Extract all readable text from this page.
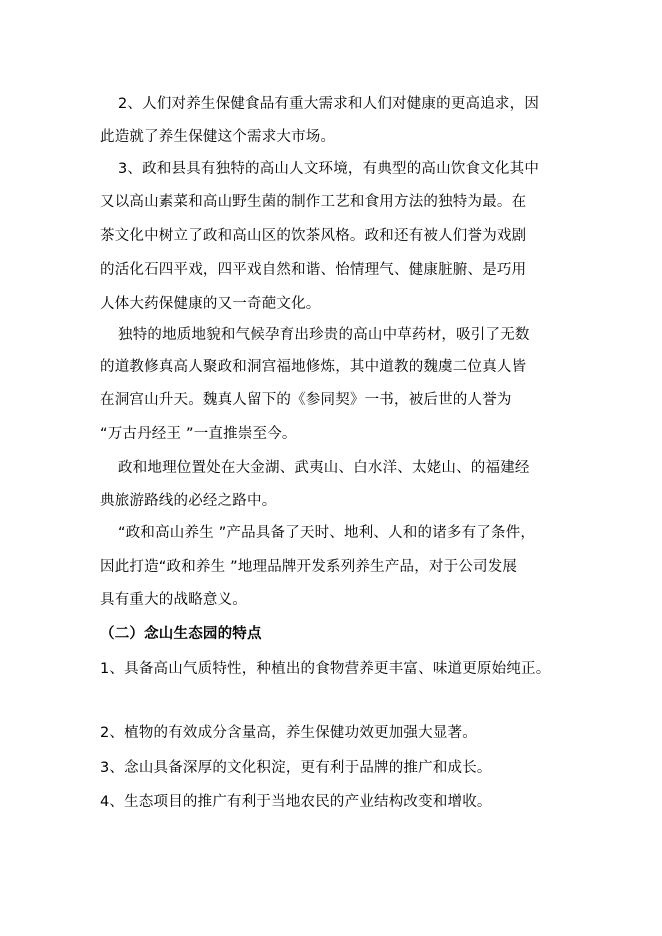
2、人们对养生保健食品有重大需求和人们对健康的更高追求，因
此造就了养生保健这个需求大市场。
3、政和县具有独特的高山人文环境，有典型的高山饮食文化其中
又以高山素菜和高山野生菌的制作工艺和食用方法的独特为最。在
茶文化中树立了政和高山区的饮茶风格。政和还有被人们誉为戏剧
的活化石四平戏，四平戏自然和谐、怡情理气、健康脏腑、是巧用
人体大药保健康的又一奇葩文化。
独特的地质地貌和气候孕育出珍贵的高山中草药材，吸引了无数
的道教修真高人聚政和洞宫福地修炼，其中道教的魏虞二位真人皆
在洞宫山升天。魏真人留下的《参同契》一书，被后世的人誉为
“万古丹经王 ”一直推崇至今。
政和地理位置处在大金湖、武夷山、白水洋、太姥山、的福建经
典旅游路线的必经之路中。
“政和高山养生 ”产品具备了天时、地利、人和的诸多有了条件，
因此打造“政和养生 ”地理品牌开发系列养生产品，对于公司发展
具有重大的战略意义。
（二）念山生态园的特点
1、具备高山气质特性，种植出的食物营养更丰富、味道更原始纯正。
2、植物的有效成分含量高，养生保健功效更加强大显著。
3、念山具备深厚的文化积淀，更有利于品牌的推广和成长。
4、生态项目的推广有利于当地农民的产业结构改变和增收。
